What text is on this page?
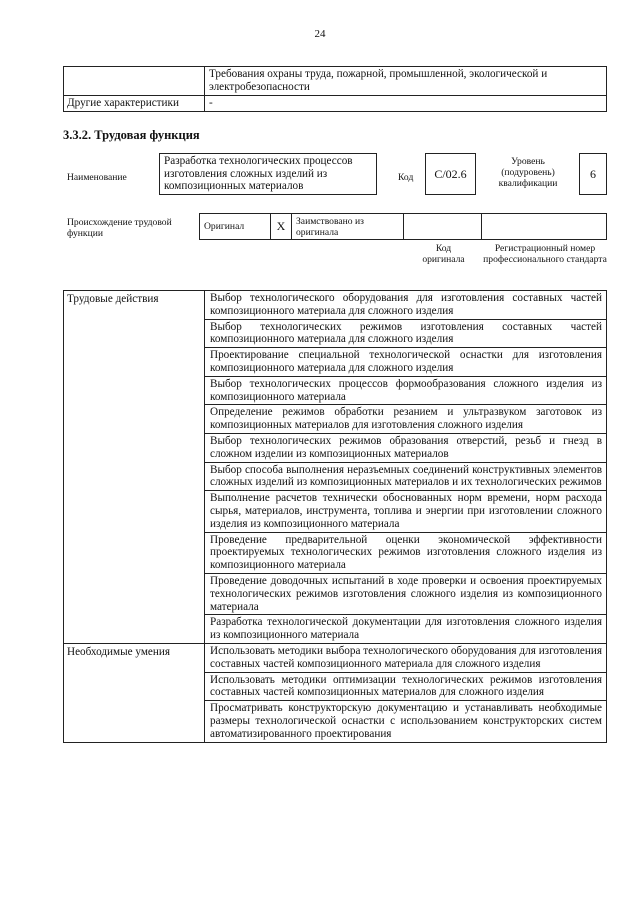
24
	Требования охраны труда, пожарной, промышленной, экологической и электробезопасности
Другие характеристики	-
3.3.2. Трудовая функция
Наименование
Разработка технологических процессов изготовления сложных изделий из композиционных материалов
Код	C/02.6
Уровень (подуровень) квалификации
6
Происхождение трудовой функции
Оригинал	X	Заимствовано из оригинала		
Код оригинала
Регистрационный номер профессионального стандарта
Трудовые действия	Выбор технологического оборудования для изготовления составных частей композиционного материала для сложного изделия
	Выбор технологических режимов изготовления составных частей композиционного материала для сложного изделия
	Проектирование специальной технологической оснастки для изготовления композиционного материала для сложного изделия
	Выбор технологических процессов формообразования сложного изделия из композиционного материала
	Определение режимов обработки резанием и ультразвуком заготовок из композиционных материалов для изготовления сложного изделия
	Выбор технологических режимов образования отверстий, резьб и гнезд в сложном изделии из композиционных материалов
	Выбор способа выполнения неразъемных соединений конструктивных элементов сложных изделий из композиционных материалов и их технологических режимов
	Выполнение расчетов технически обоснованных норм времени, норм расхода сырья, материалов, инструмента, топлива и энергии при изготовлении сложного изделия из композиционного материала
	Проведение предварительной оценки экономической эффективности проектируемых технологических режимов изготовления сложного изделия из композиционного материала
	Проведение доводочных испытаний в ходе проверки и освоения проектируемых технологических режимов изготовления сложного изделия из композиционного материала
	Разработка технологической документации для изготовления сложного изделия из композиционного материала
Необходимые умения	Использовать методики выбора технологического оборудования для изготовления составных частей композиционного материала для сложного изделия
	Использовать методики оптимизации технологических режимов изготовления составных частей композиционных материалов для сложного изделия
	Просматривать конструкторскую документацию и устанавливать необходимые размеры технологической оснастки с использованием конструкторских систем автоматизированного проектирования
